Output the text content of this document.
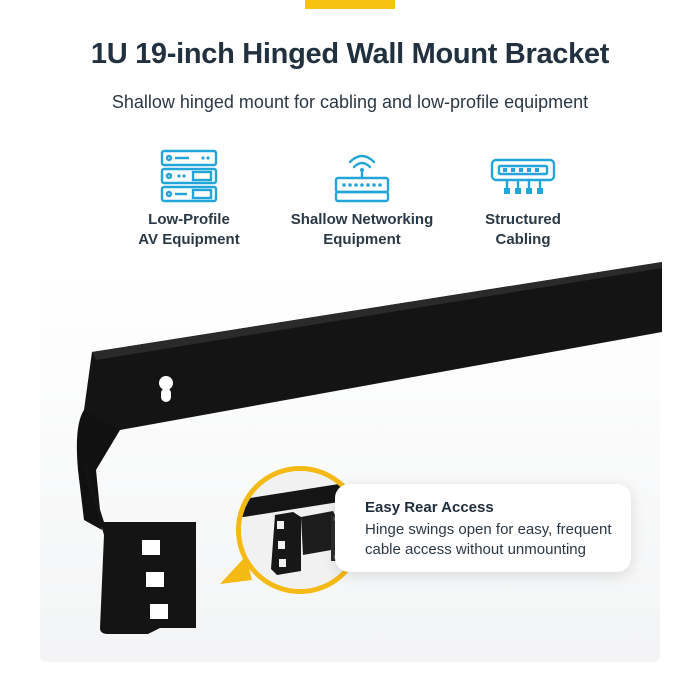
1U 19-inch Hinged Wall Mount Bracket
Shallow hinged mount for cabling and low-profile equipment
Low-Profile
AV Equipment
Shallow Networking
Equipment
Structured
Cabling
Easy Rear Access
Hinge swings open for easy, frequent cable access without unmounting
